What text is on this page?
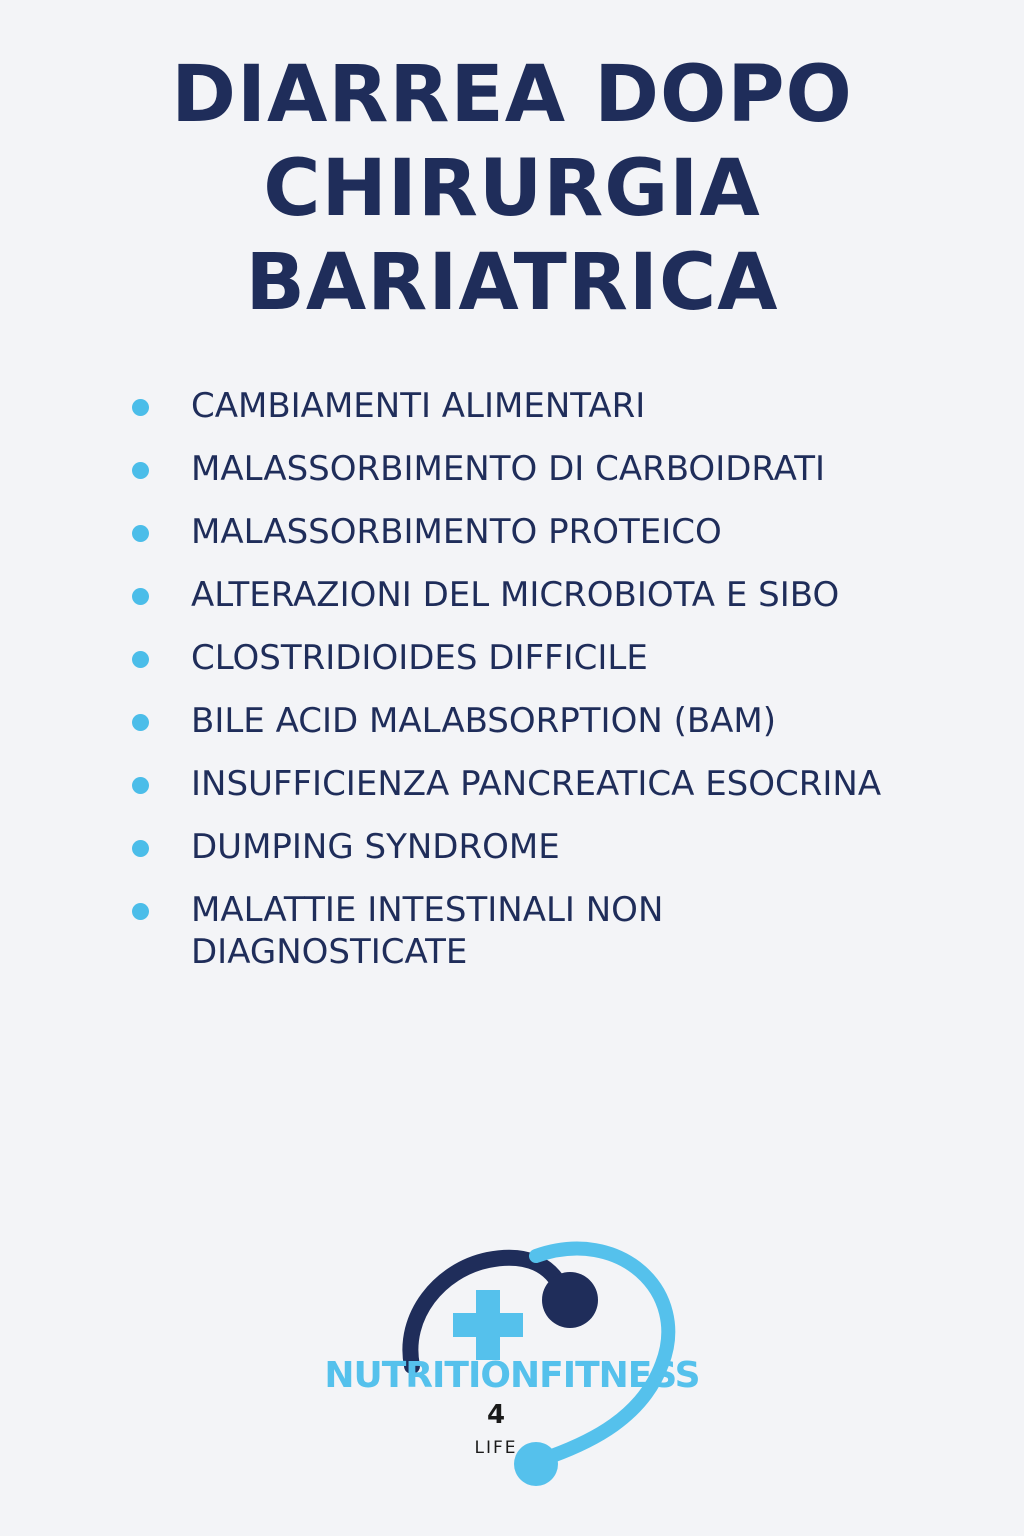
DIARREA DOPO
CHIRURGIA
BARIATRICA
CAMBIAMENTI ALIMENTARI
MALASSORBIMENTO DI CARBOIDRATI
MALASSORBIMENTO PROTEICO
ALTERAZIONI DEL MICROBIOTA E SIBO
CLOSTRIDIOIDES DIFFICILE
BILE ACID MALABSORPTION (BAM)
INSUFFICIENZA PANCREATICA ESOCRINA
DUMPING SYNDROME
MALATTIE INTESTINALI NON DIAGNOSTICATE
NUTRITIONFITNESS
4
LIFE
